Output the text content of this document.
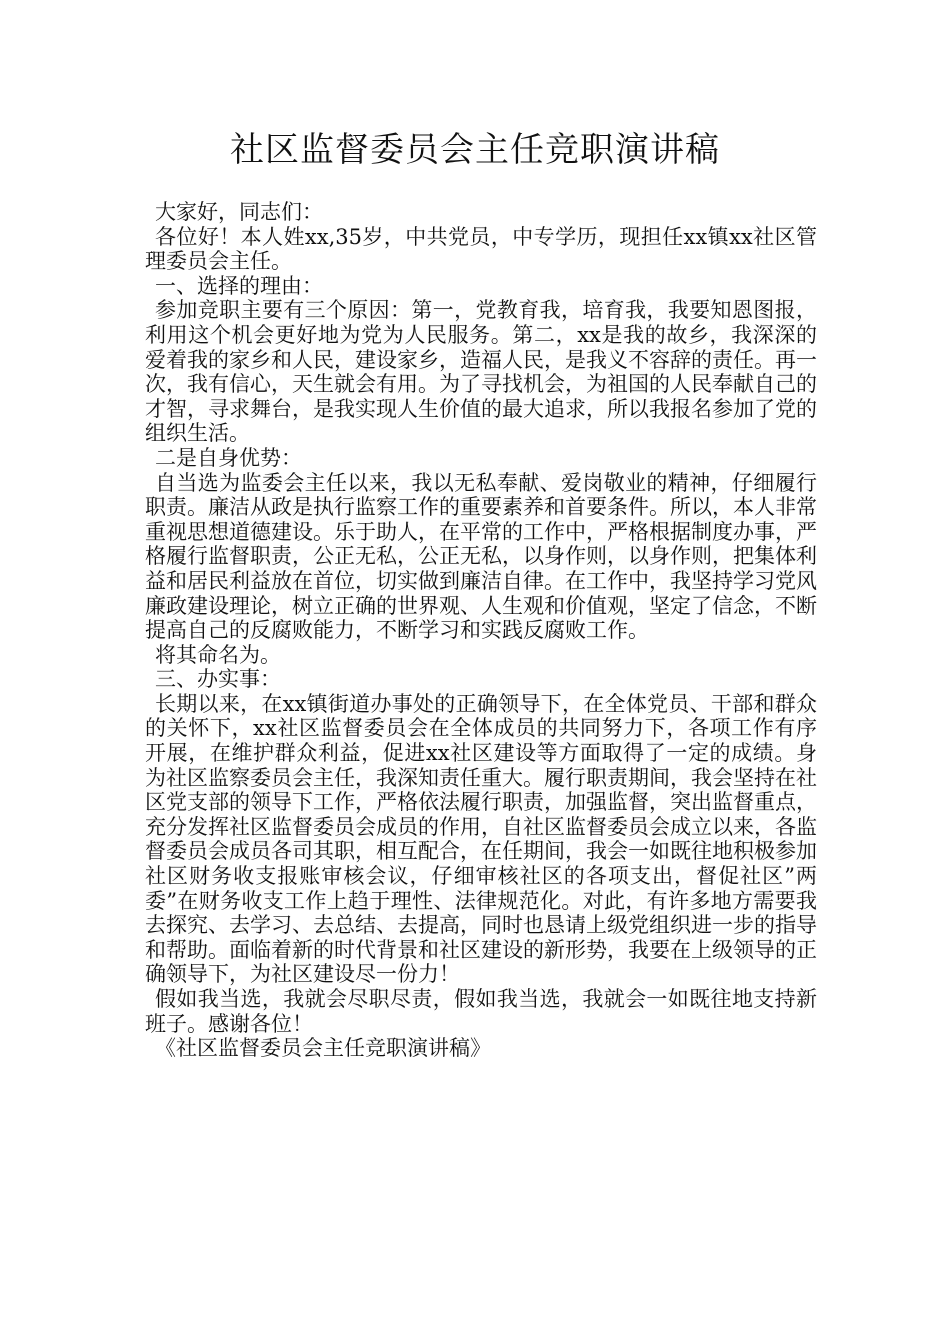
社区监督委员会主任竞职演讲稿

大家好，同志们：

各位好！本人姓xx,35岁，中共党员，中专学历，现担任xx镇xx社区管理委员会主任。

一、选择的理由：

参加竞职主要有三个原因：第一，党教育我，培育我，我要知恩图报，利用这个机会更好地为党为人民服务。第二，xx是我的故乡，我深深的爱着我的家乡和人民，建设家乡，造福人民，是我义不容辞的责任。再一次，我有信心，天生就会有用。为了寻找机会，为祖国的人民奉献自己的才智，寻求舞台，是我实现人生价值的最大追求，所以我报名参加了党的组织生活。

二是自身优势：

自当选为监委会主任以来，我以无私奉献、爱岗敬业的精神，仔细履行职责。廉洁从政是执行监察工作的重要素养和首要条件。所以，本人非常重视思想道德建设。乐于助人，在平常的工作中，严格根据制度办事，严格履行监督职责，公正无私，公正无私，以身作则，以身作则，把集体利益和居民利益放在首位，切实做到廉洁自律。在工作中，我坚持学习党风廉政建设理论，树立正确的世界观、人生观和价值观，坚定了信念，不断提高自己的反腐败能力，不断学习和实践反腐败工作。

将其命名为。

三、办实事：

长期以来，在xx镇街道办事处的正确领导下，在全体党员、干部和群众的关怀下，xx社区监督委员会在全体成员的共同努力下，各项工作有序开展，在维护群众利益，促进xx社区建设等方面取得了一定的成绩。身为社区监察委员会主任，我深知责任重大。履行职责期间，我会坚持在社区党支部的领导下工作，严格依法履行职责，加强监督，突出监督重点，充分发挥社区监督委员会成员的作用，自社区监督委员会成立以来，各监督委员会成员各司其职，相互配合，在任期间，我会一如既往地积极参加社区财务收支报账审核会议，仔细审核社区的各项支出，督促社区”两委”在财务收支工作上趋于理性、法律规范化。对此，有许多地方需要我去探究、去学习、去总结、去提高，同时也恳请上级党组织进一步的指导和帮助。面临着新的时代背景和社区建设的新形势，我要在上级领导的正确领导下，为社区建设尽一份力！

假如我当选，我就会尽职尽责，假如我当选，我就会一如既往地支持新班子。感谢各位！

《社区监督委员会主任竞职演讲稿》
